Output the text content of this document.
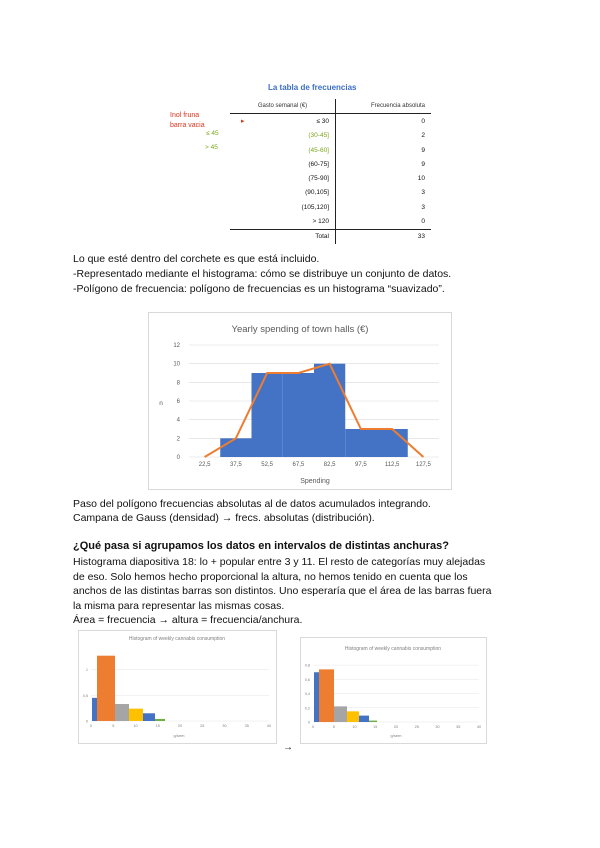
La tabla de frecuencias
Inol fruna
barra vacia
≤ 45
> 45
▸
Gasto semanal (€)	Frecuencia absoluta
≤ 30	0
(30-45]	2
(45-60]	9
(60-75]	9
(75-90]	10
(90,105]	3
(105,120]	3
> 120	0
Total	33
Lo que esté dentro del corchete es que está incluido.
-Representado mediante el histograma: cómo se distribuye un conjunto de datos.
-Polígono de frecuencia: polígono de frecuencias es un histograma “suavizado”.
Yearly spending of town halls (€)
0
2
4
6
8
10
12
22,5	37,5	52,5	67,5	82,5	97,5	112,5	127,5
n
Spending
Paso del polígono frecuencias absolutas al de datos acumulados integrando.
Campana de Gauss (densidad) → frecs. absolutas (distribución).
¿Qué pasa si agrupamos los datos en intervalos de distintas anchuras?
Histograma diapositiva 18: lo + popular entre 3 y 11. El resto de categorías muy alejadas de eso. Solo hemos hecho proporcional la altura, no hemos tenido en cuenta que los anchos de las distintas barras son distintos. Uno esperaría que el área de las barras fuera la misma para representar las mismas cosas.
Área = frecuencia → altura = frecuencia/anchura.
Histogram of weekly cannabis consumption
0
0,5
1
0	5	10	15	20	25	30	35	40
g/sem
Histogram of weekly cannabis consumption
0
0,2
0,4
0,6
0,8
0	5	10	15	20	25	30	35	40
g/sem
→
